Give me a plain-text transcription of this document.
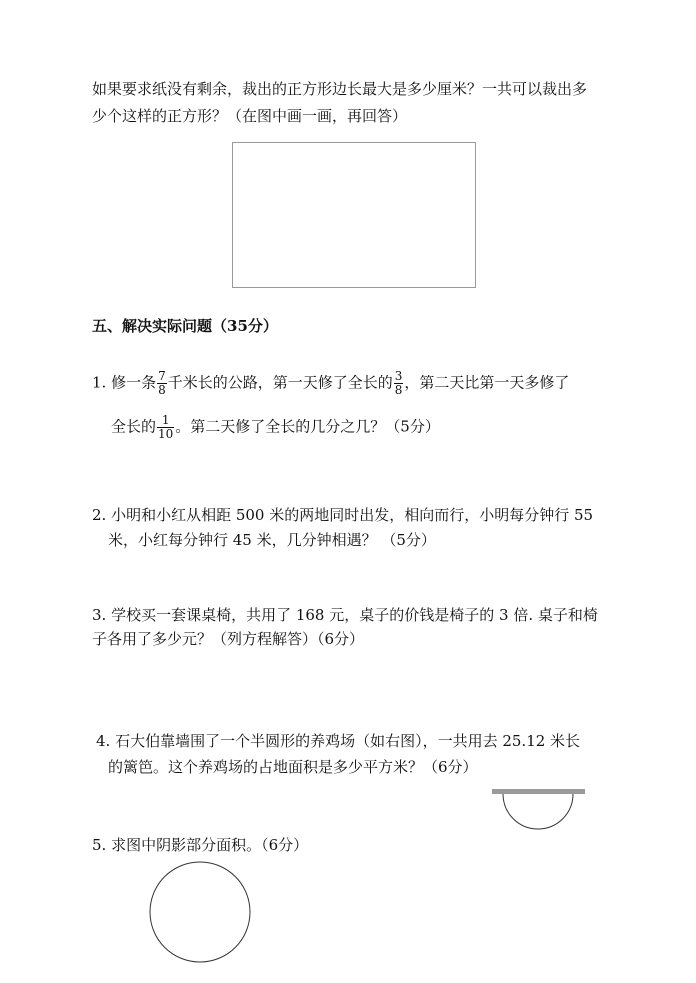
如果要求纸没有剩余，裁出的正方形边长最大是多少厘米？一共可以裁出多
少个这样的正方形？（在图中画一画，再回答）
五、解决实际问题（35分）
1. 修一条 $\frac{7}{8}$ 千米长的公路，第一天修了全长的 $\frac{3}{8}$ ，第二天比第一天多修了
全长的 $\frac{1}{10}$ 。第二天修了全长的几分之几？（5分）
2. 小明和小红从相距 500 米的两地同时出发，相向而行，小明每分钟行 55
米，小红每分钟行 45 米，几分钟相遇？ （5分）
3. 学校买一套课桌椅，共用了 168 元，桌子的价钱是椅子的 3 倍. 桌子和椅
子各用了多少元？（列方程解答）（6分）
4. 石大伯靠墙围了一个半圆形的养鸡场（如右图），一共用去 25.12 米长
的篱笆。这个养鸡场的占地面积是多少平方米？（6分）
5. 求图中阴影部分面积。（6分）
